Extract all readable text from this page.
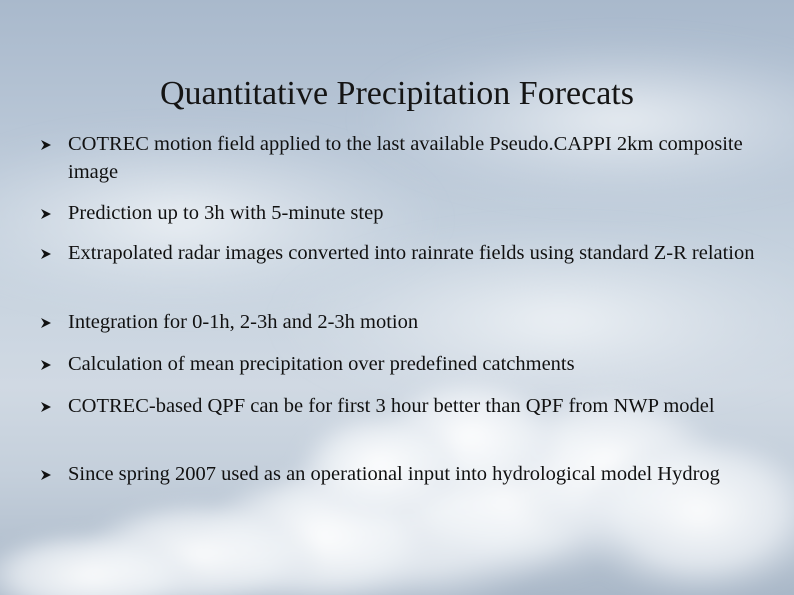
Quantitative Precipitation Forecats
COTREC motion field applied to the last available Pseudo.CAPPI 2km composite image
Prediction up to 3h with 5-minute step
Extrapolated radar images converted into rainrate fields using standard Z-R relation
Integration for 0-1h, 2-3h and 2-3h motion
Calculation of mean precipitation over predefined catchments
COTREC-based QPF can be for first 3 hour better than QPF from NWP model
Since spring 2007 used as an operational input into hydrological model Hydrog
